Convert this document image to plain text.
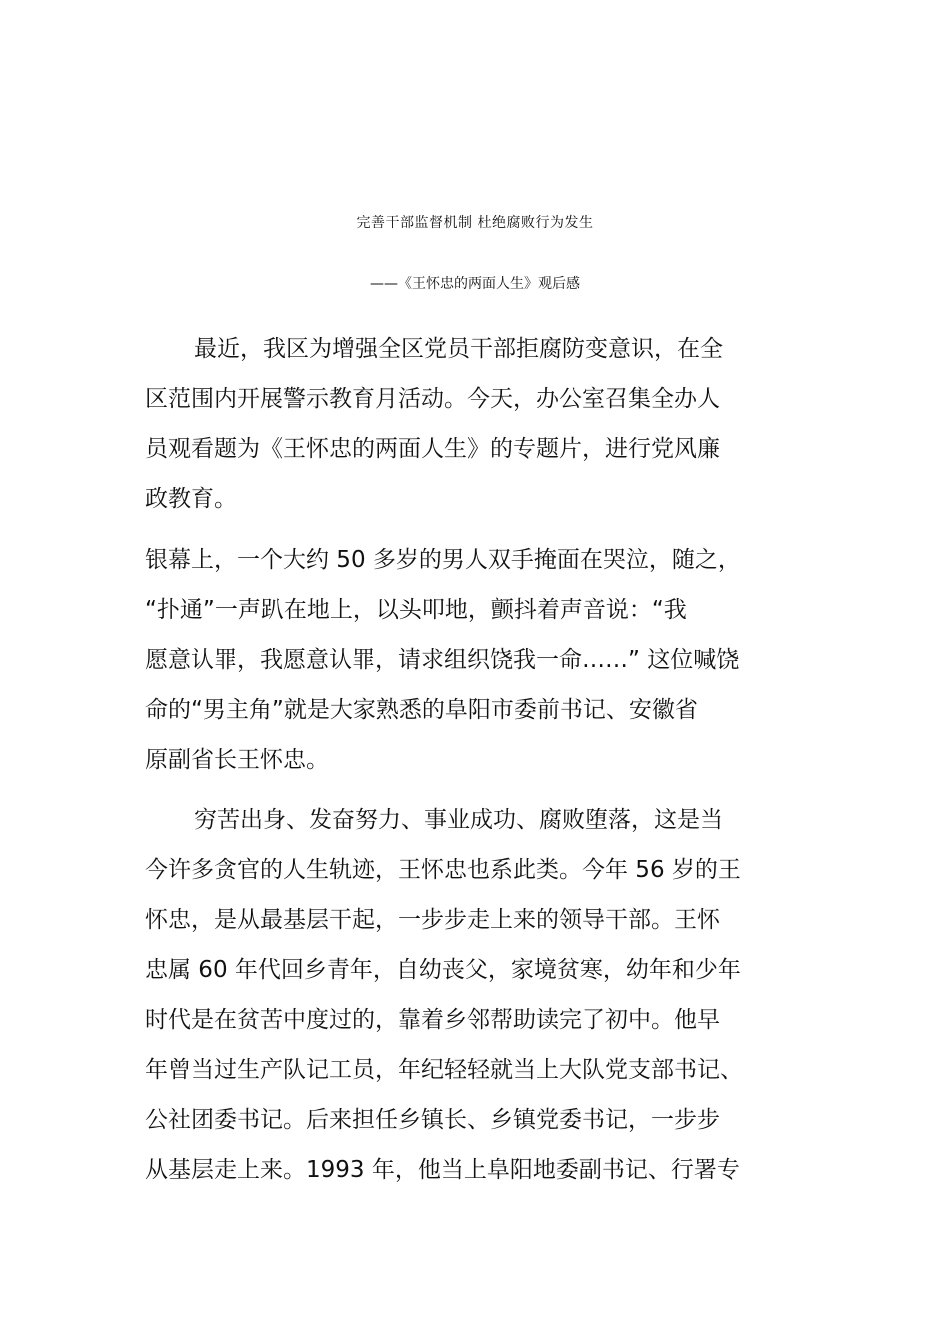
完善干部监督机制 杜绝腐败行为发生

——《王怀忠的两面人生》观后感

最近，我区为增强全区党员干部拒腐防变意识，在全

区范围内开展警示教育月活动。今天，办公室召集全办人

员观看题为《王怀忠的两面人生》的专题片，进行党风廉

政教育。

银幕上，一个大约 50 多岁的男人双手掩面在哭泣，随之，

“扑通”一声趴在地上，以头叩地，颤抖着声音说：“我

愿意认罪，我愿意认罪，请求组织饶我一命……” 这位喊饶

命的“男主角”就是大家熟悉的阜阳市委前书记、安徽省

原副省长王怀忠。

穷苦出身、发奋努力、事业成功、腐败堕落，这是当

今许多贪官的人生轨迹，王怀忠也系此类。今年 56 岁的王

怀忠，是从最基层干起，一步步走上来的领导干部。王怀

忠属 60 年代回乡青年，自幼丧父，家境贫寒，幼年和少年

时代是在贫苦中度过的，靠着乡邻帮助读完了初中。他早

年曾当过生产队记工员，年纪轻轻就当上大队党支部书记、

公社团委书记。后来担任乡镇长、乡镇党委书记，一步步

从基层走上来。1993 年，他当上阜阳地委副书记、行署专
